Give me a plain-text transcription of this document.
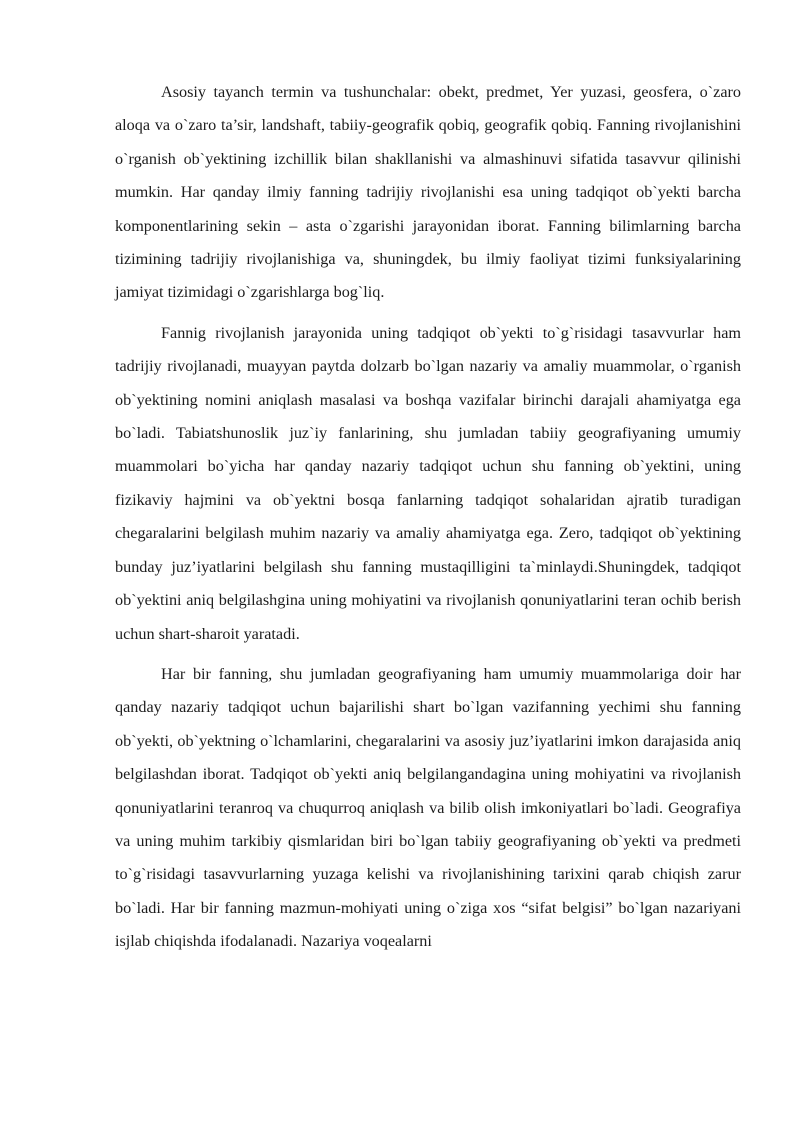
Asosiy tayanch termin va tushunchalar: obekt, predmet, Yer yuzasi, geosfera, o`zaro aloqa va o`zaro ta’sir, landshaft, tabiiy-geografik qobiq, geografik qobiq. Fanning rivojlanishini o`rganish ob`yektining izchillik bilan shakllanishi va almashinuvi sifatida tasavvur qilinishi mumkin. Har qanday ilmiy fanning tadrijiy rivojlanishi esa uning tadqiqot ob`yekti barcha komponentlarining sekin – asta o`zgarishi jarayonidan iborat. Fanning bilimlarning barcha tizimining tadrijiy rivojlanishiga va, shuningdek, bu ilmiy faoliyat tizimi funksiyalarining jamiyat tizimidagi o`zgarishlarga bog`liq.

Fannig rivojlanish jarayonida uning tadqiqot ob`yekti to`g`risidagi tasavvurlar ham tadrijiy rivojlanadi, muayyan paytda dolzarb bo`lgan nazariy va amaliy muammolar, o`rganish ob`yektining nomini aniqlash masalasi va boshqa vazifalar birinchi darajali ahamiyatga ega bo`ladi. Tabiatshunoslik juz`iy fanlarining, shu jumladan tabiiy geografiyaning umumiy muammolari bo`yicha har qanday nazariy tadqiqot uchun shu fanning ob`yektini, uning fizikaviy hajmini va ob`yektni bosqa fanlarning tadqiqot sohalaridan ajratib turadigan chegaralarini belgilash muhim nazariy va amaliy ahamiyatga ega. Zero, tadqiqot ob`yektining bunday juz’iyatlarini belgilash shu fanning mustaqilligini ta`minlaydi.Shuningdek, tadqiqot ob`yektini aniq belgilashgina uning mohiyatini va rivojlanish qonuniyatlarini teran ochib berish uchun shart-sharoit yaratadi.

Har bir fanning, shu jumladan geografiyaning ham umumiy muammolariga doir har qanday nazariy tadqiqot uchun bajarilishi shart bo`lgan vazifanning yechimi shu fanning ob`yekti, ob`yektning o`lchamlarini, chegaralarini va asosiy juz’iyatlarini imkon darajasida aniq belgilashdan iborat. Tadqiqot ob`yekti aniq belgilangandagina uning mohiyatini va rivojlanish qonuniyatlarini teranroq va chuqurroq aniqlash va bilib olish imkoniyatlari bo`ladi. Geografiya va uning muhim tarkibiy qismlaridan biri bo`lgan tabiiy geografiyaning ob`yekti va predmeti to`g`risidagi tasavvurlarning yuzaga kelishi va rivojlanishining tarixini qarab chiqish zarur bo`ladi. Har bir fanning mazmun-mohiyati uning o`ziga xos “sifat belgisi” bo`lgan nazariyani isjlab chiqishda ifodalanadi. Nazariya voqealarni
